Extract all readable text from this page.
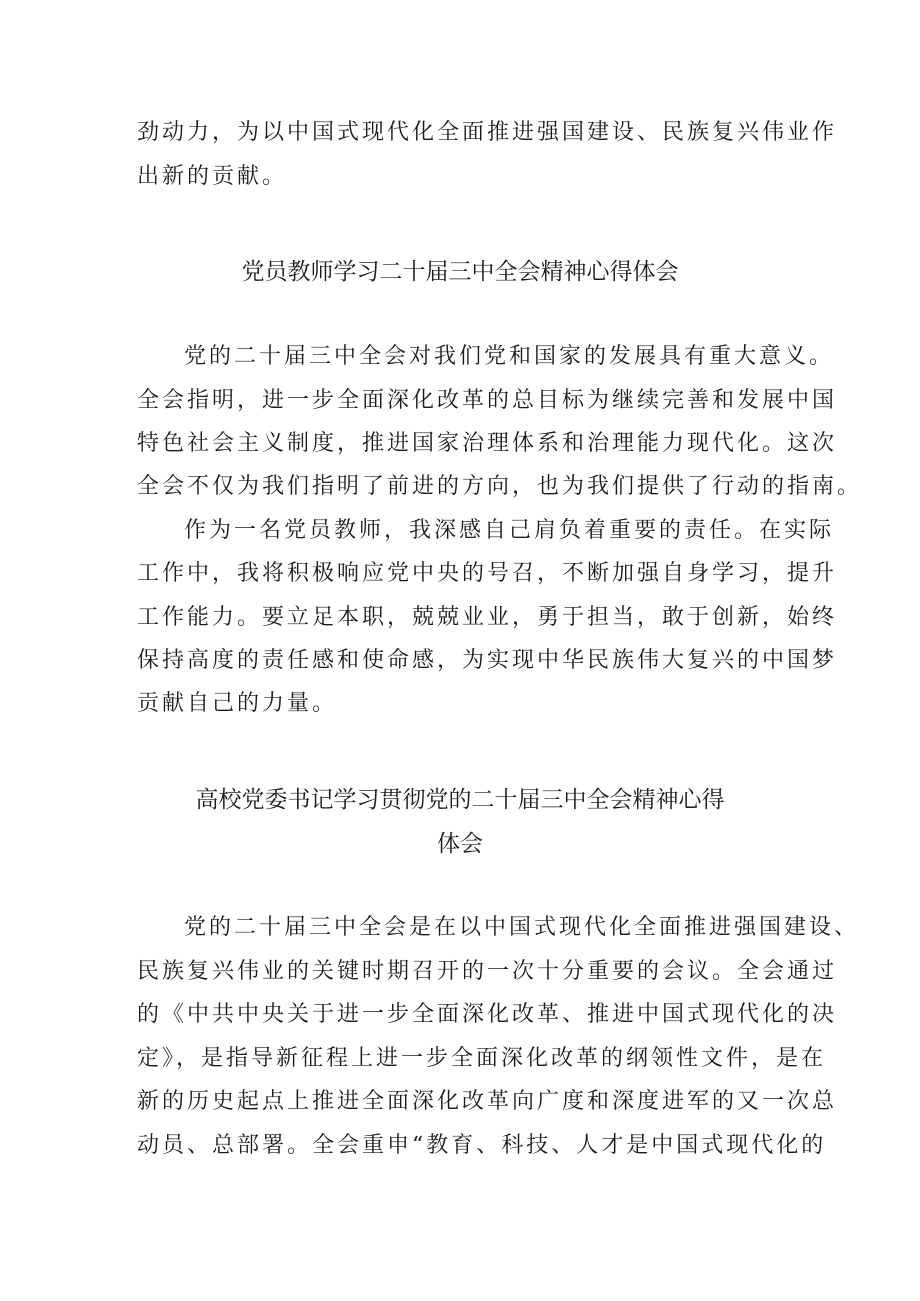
劲动力，为以中国式现代化全面推进强国建设、民族复兴伟业作
出新的贡献。
党员教师学习二十届三中全会精神心得体会
党的二十届三中全会对我们党和国家的发展具有重大意义。
全会指明，进一步全面深化改革的总目标为继续完善和发展中国
特色社会主义制度，推进国家治理体系和治理能力现代化。这次
全会不仅为我们指明了前进的方向，也为我们提供了行动的指南。
作为一名党员教师，我深感自己肩负着重要的责任。在实际
工作中，我将积极响应党中央的号召，不断加强自身学习，提升
工作能力。要立足本职，兢兢业业，勇于担当，敢于创新，始终
保持高度的责任感和使命感，为实现中华民族伟大复兴的中国梦
贡献自己的力量。
高校党委书记学习贯彻党的二十届三中全会精神心得
体会
党的二十届三中全会是在以中国式现代化全面推进强国建设、
民族复兴伟业的关键时期召开的一次十分重要的会议。全会通过
的《中共中央关于进一步全面深化改革、推进中国式现代化的决
定》，是指导新征程上进一步全面深化改革的纲领性文件，是在
新的历史起点上推进全面深化改革向广度和深度进军的又一次总
动员、总部署。全会重申“教育、科技、人才是中国式现代化的
